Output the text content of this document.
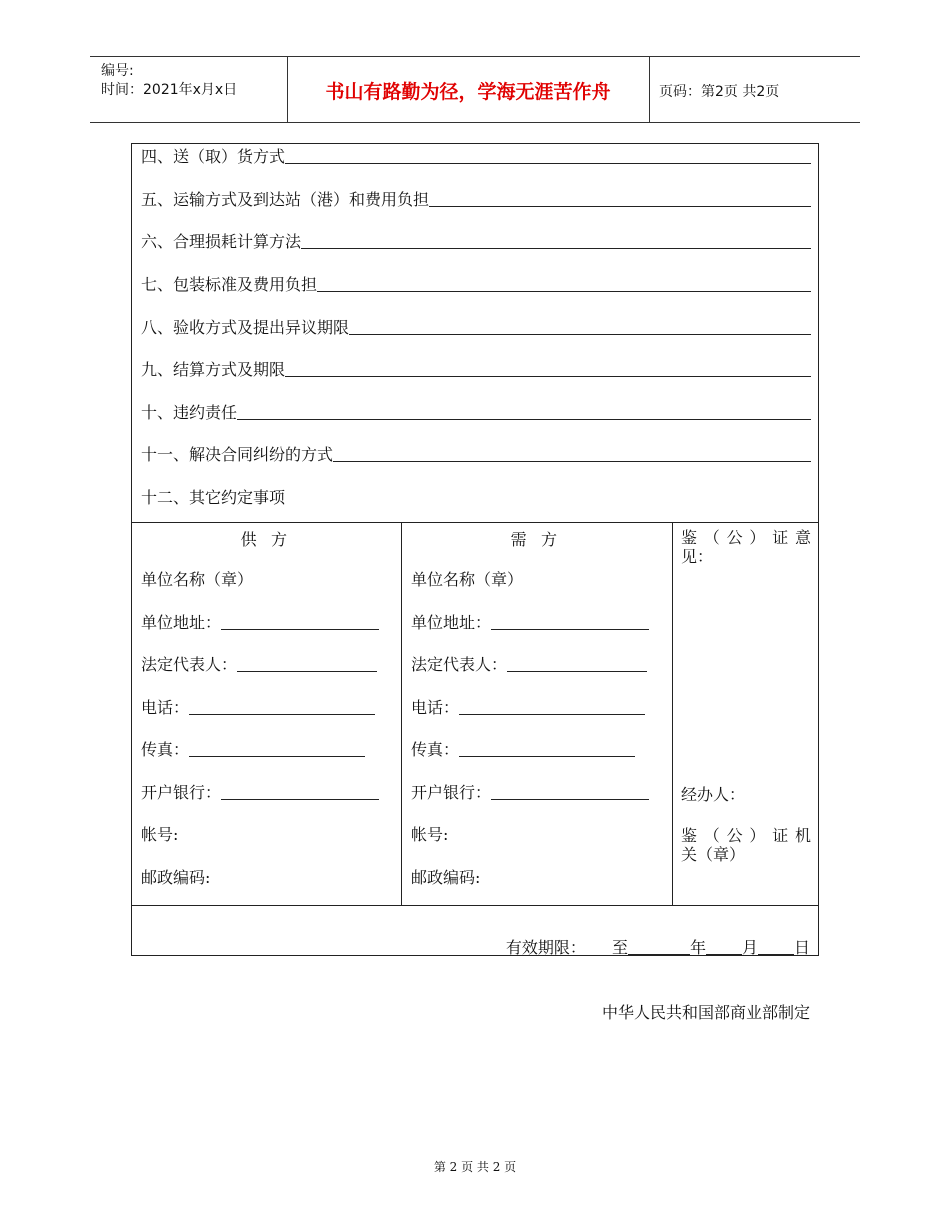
编号:
时间：2021年x月x日	书山有路勤为径，学海无涯苦作舟	页码：第2页 共2页
四、送（取）货方式
五、运输方式及到达站（港）和费用负担
六、合理损耗计算方法
七、包装标准及费用负担
八、验收方式及提出异议期限
九、结算方式及期限
十、违约责任
十一、解决合同纠纷的方式
十二、其它约定事项
供方
单位名称（章）
单位地址：
法定代表人：
电话：
传真：
开户银行：
帐号:
邮政编码:
需方
单位名称（章）
单位地址：
法定代表人：
电话：
传真：
开户银行：
帐号:
邮政编码:
鉴（公）证意
见：
经办人：
鉴（公）证机
关（章）
有效期限： 至	年 月 日
中华人民共和国部商业部制定
第 2 页 共 2 页
